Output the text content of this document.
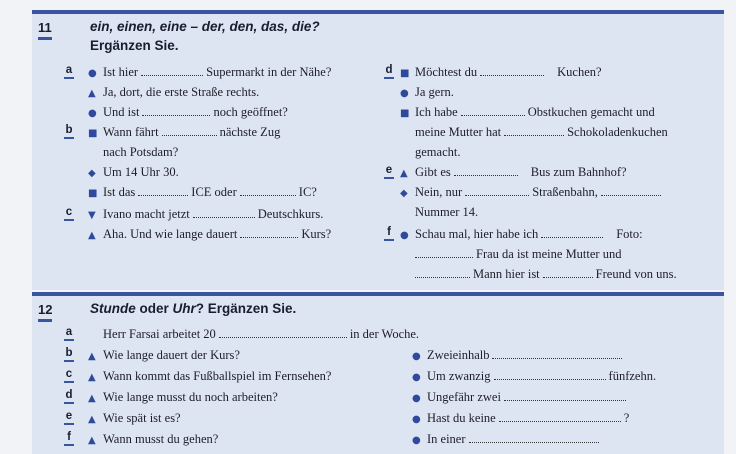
11	ein, einen, eine – der, den, das, die?
Ergänzen Sie.
a ● Ist hier	Supermarkt in der Nähe?
▲ Ja, dort, die erste Straße rechts.
● Und ist	noch geöffnet?
b ■ Wann fährt	nächste Zug
nach Potsdam?
◆ Um 14 Uhr 30.
■ Ist das	ICE oder	IC?
c ▼ Ivano macht jetzt	Deutschkurs.
▲ Aha. Und wie lange dauert	Kurs?
d ■ Möchtest du	Kuchen?
● Ja gern.
■ Ich habe	Obstkuchen gemacht und
meine Mutter hat	Schokoladenkuchen
gemacht.
e ▲ Gibt es	Bus zum Bahnhof?
◆ Nein, nur	Straßenbahn,
Nummer 14.
f ● Schau mal, hier habe ich	Foto:
Frau da ist meine Mutter und
Mann hier ist	Freund von uns.
12	Stunde oder Uhr? Ergänzen Sie.
a	Herr Farsai arbeitet 20	in der Woche.
b ▲ Wie lange dauert der Kurs?	● Zweieinhalb
c ▲ Wann kommt das Fußballspiel im Fernsehen?	● Um zwanzig	fünfzehn.
d ▲ Wie lange musst du noch arbeiten?	● Ungefähr zwei
e ▲ Wie spät ist es?	● Hast du keine	?
f	▲ Wann musst du gehen?	● In einer
